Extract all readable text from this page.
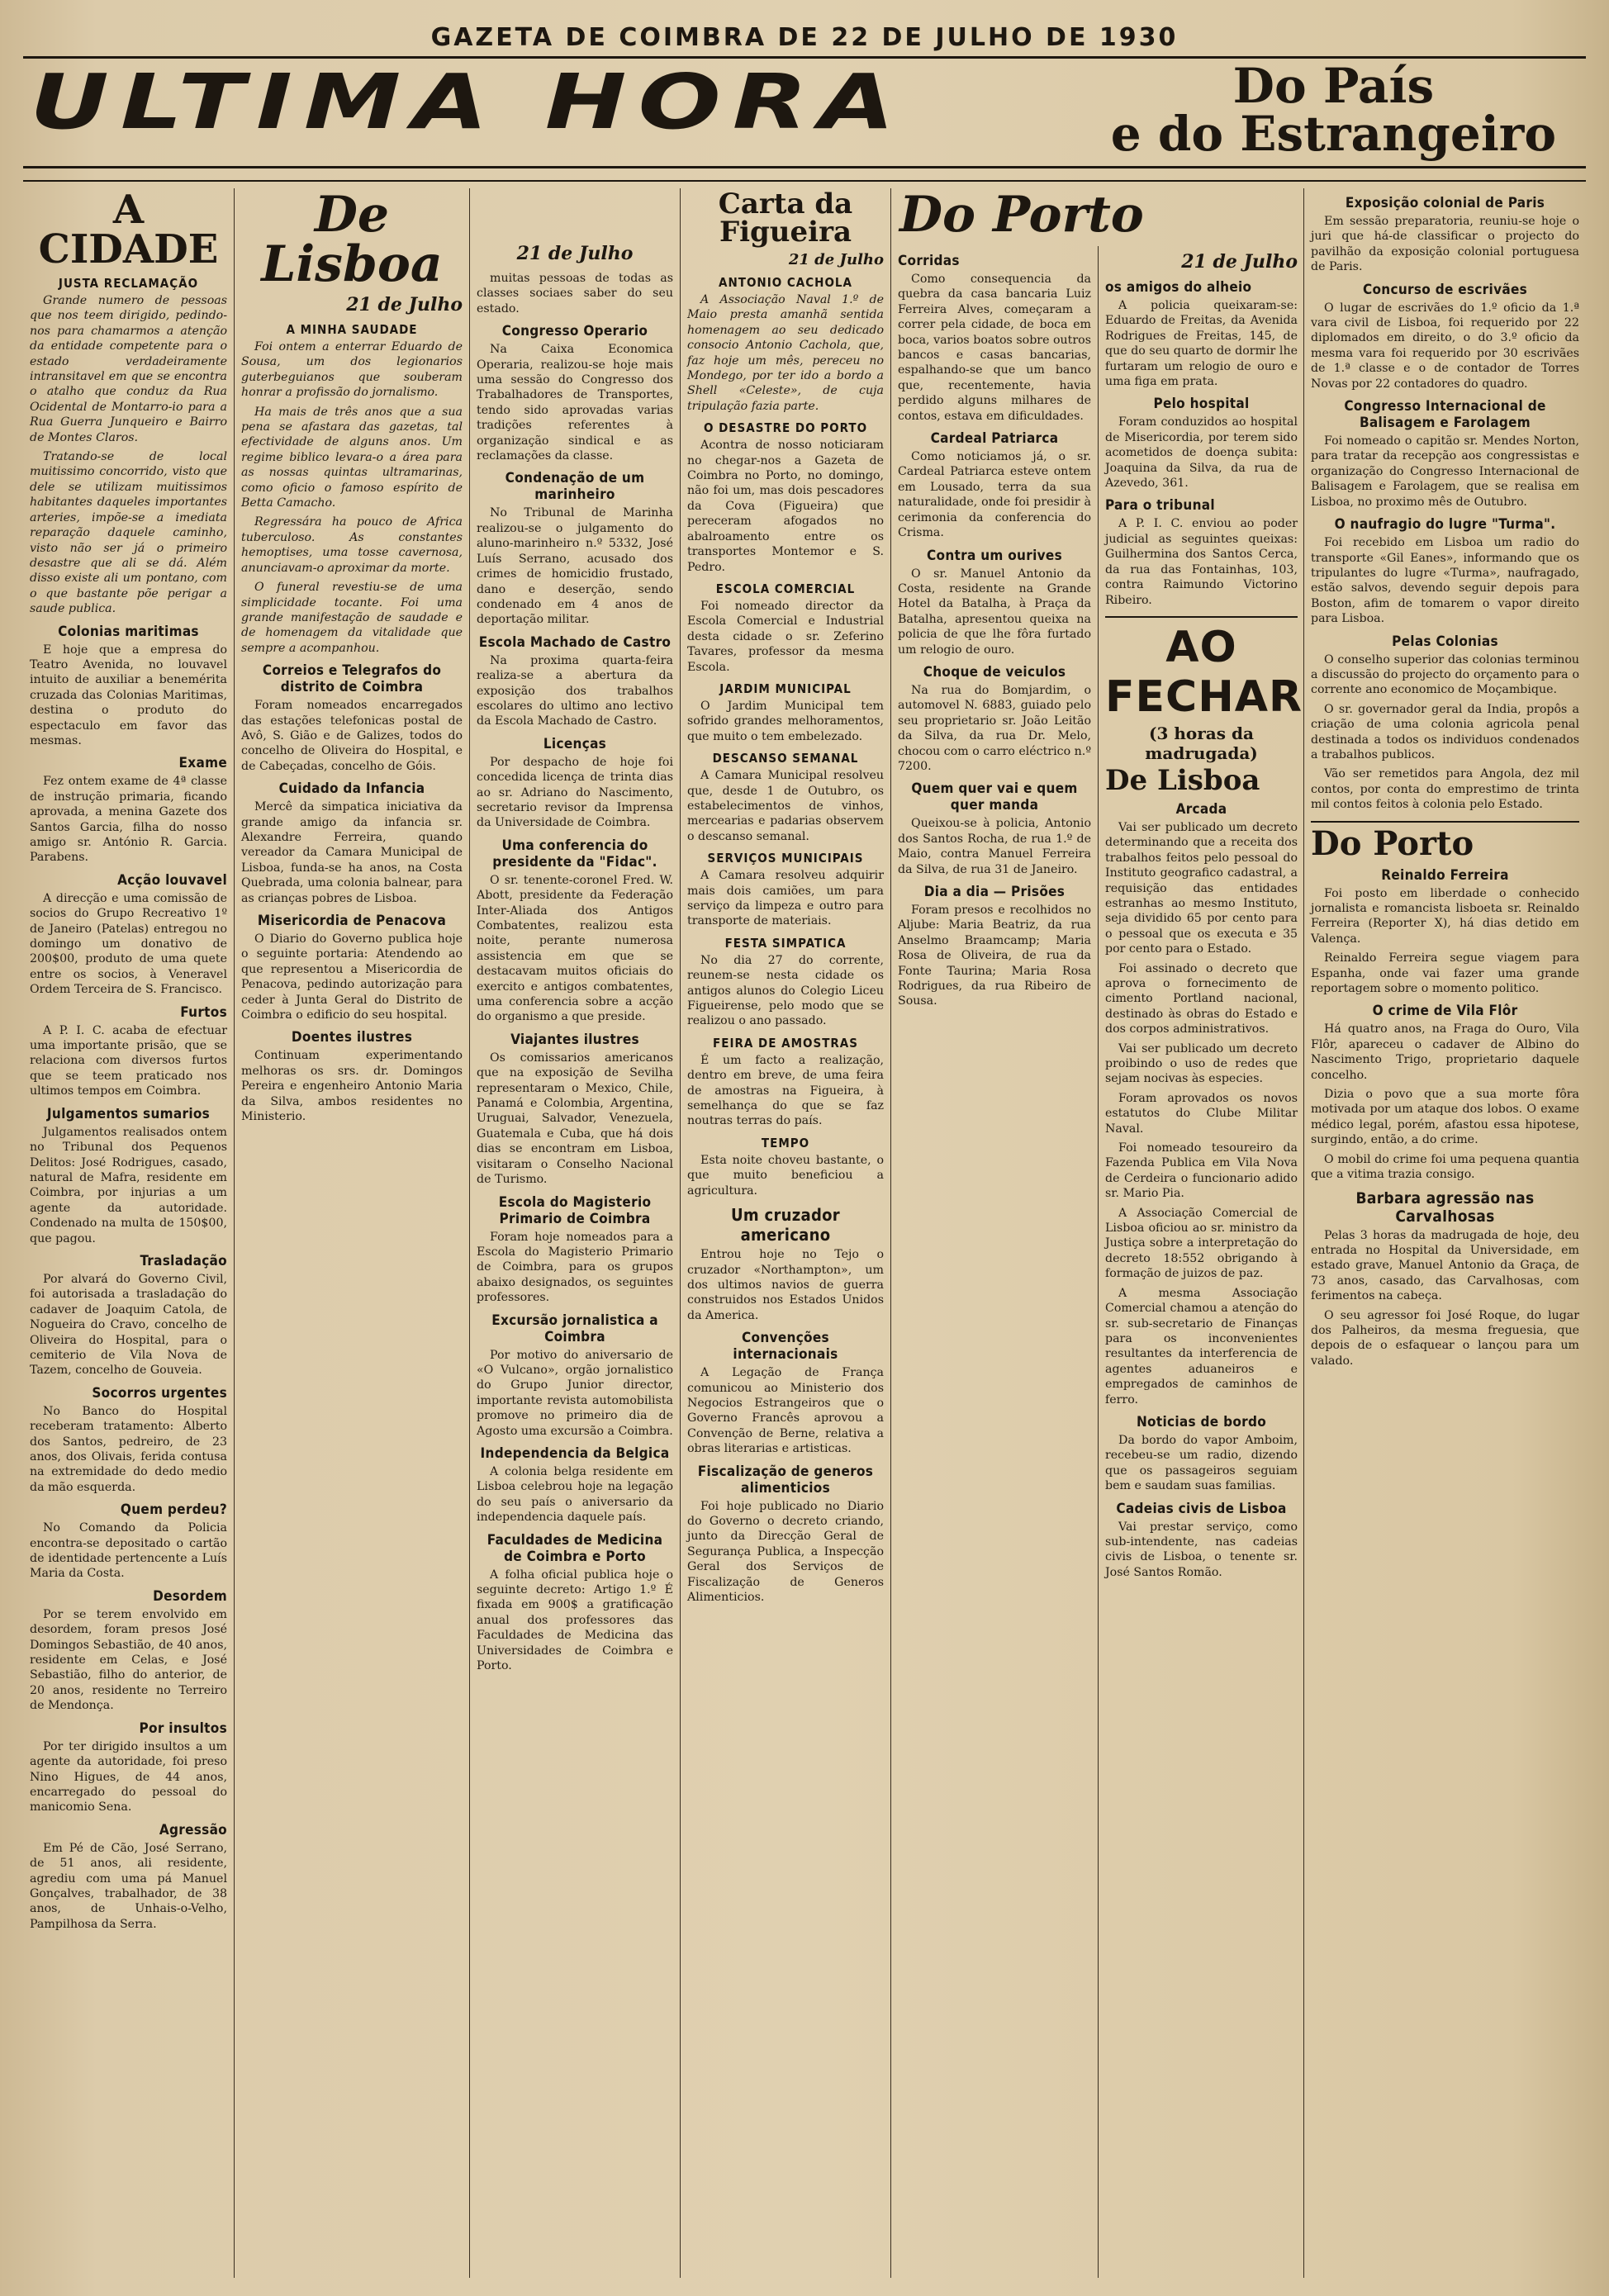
GAZETA DE COIMBRA DE 22 DE JULHO DE 1930
ULTIMA HORA	Do País
e do Estrangeiro
A CIDADE
JUSTA RECLAMAÇÃO

Grande numero de pessoas que nos teem dirigido, pedindo-nos para chamarmos a atenção da entidade competente para o estado verdadeiramente intransitavel em que se encontra o atalho que conduz da Rua Ocidental de Montarro-io para a Rua Guerra Junqueiro e Bairro de Montes Claros.

Tratando-se de local muitissimo concorrido, visto que dele se utilizam muitissimos habitantes daqueles importantes arteries, impõe-se a imediata reparação daquele caminho, visto não ser já o primeiro desastre que ali se dá. Além disso existe ali um pontano, com o que bastante põe perigar a saude publica.

Colonias maritimas

E hoje que a empresa do Teatro Avenida, no louvavel intuito de auxiliar a benemérita cruzada das Colonias Maritimas, destina o produto do espectaculo em favor das mesmas.

Exame

Fez ontem exame de 4ª classe de instrução primaria, ficando aprovada, a menina Gazete dos Santos Garcia, filha do nosso amigo sr. António R. Garcia. Parabens.

Acção louvavel

A direcção e uma comissão de socios do Grupo Recreativo 1º de Janeiro (Patelas) entregou no domingo um donativo de 200$00, produto de uma quete entre os socios, à Veneravel Ordem Terceira de S. Francisco.

Furtos

A P. I. C. acaba de efectuar uma importante prisão, que se relaciona com diversos furtos que se teem praticado nos ultimos tempos em Coimbra.

Julgamentos sumarios

Julgamentos realisados ontem no Tribunal dos Pequenos Delitos: José Rodrigues, casado, natural de Mafra, residente em Coimbra, por injurias a um agente da autoridade. Condenado na multa de 150$00, que pagou.

Trasladação

Por alvará do Governo Civil, foi autorisada a trasladação do cadaver de Joaquim Catola, de Nogueira do Cravo, concelho de Oliveira do Hospital, para o cemiterio de Vila Nova de Tazem, concelho de Gouveia.

Socorros urgentes

No Banco do Hospital receberam tratamento: Alberto dos Santos, pedreiro, de 23 anos, dos Olivais, ferida contusa na extremidade do dedo medio da mão esquerda.

Quem perdeu?

No Comando da Policia encontra-se depositado o cartão de identidade pertencente a Luís Maria da Costa.

Desordem

Por se terem envolvido em desordem, foram presos José Domingos Sebastião, de 40 anos, residente em Celas, e José Sebastião, filho do anterior, de 20 anos, residente no Terreiro de Mendonça.

Por insultos

Por ter dirigido insultos a um agente da autoridade, foi preso Nino Higues, de 44 anos, encarregado do pessoal do manicomio Sena.

Agressão

Em Pé de Cão, José Serrano, de 51 anos, ali residente, agrediu com uma pá Manuel Gonçalves, trabalhador, de 38 anos, de Unhais-o-Velho, Pampilhosa da Serra.

De Lisboa
21 de Julho
A MINHA SAUDADE

Foi ontem a enterrar Eduardo de Sousa, um dos legionarios guterbeguianos que souberam honrar a profissão do jornalismo.

Ha mais de três anos que a sua pena se afastara das gazetas, tal efectividade de alguns anos. Um regime biblico levara-o a área para as nossas quintas ultramarinas, como oficio o famoso espírito de Betta Camacho.

Regressára ha pouco de Africa tuberculoso. As constantes hemoptises, uma tosse cavernosa, anunciavam-o aproximar da morte.

O funeral revestiu-se de uma simplicidade tocante. Foi uma grande manifestação de saudade e de homenagem da vitalidade que sempre a acompanhou.

Correios e Telegrafos do distrito de Coimbra

Foram nomeados encarregados das estações telefonicas postal de Avô, S. Gião e de Galizes, todos do concelho de Oliveira do Hospital, e de Cabeçadas, concelho de Góis.

Cuidado da Infancia

Mercê da simpatica iniciativa da grande amigo da infancia sr. Alexandre Ferreira, quando vereador da Camara Municipal de Lisboa, funda-se ha anos, na Costa Quebrada, uma colonia balnear, para as crianças pobres de Lisboa.

Misericordia de Penacova

O Diario do Governo publica hoje o seguinte portaria: Atendendo ao que representou a Misericordia de Penacova, pedindo autorização para ceder à Junta Geral do Distrito de Coimbra o edificio do seu hospital.

Doentes ilustres

Continuam experimentando melhoras os srs. dr. Domingos Pereira e engenheiro Antonio Maria da Silva, ambos residentes no Ministerio.

21 de Julho

muitas pessoas de todas as classes sociaes saber do seu estado.

Congresso Operario

Na Caixa Economica Operaria, realizou-se hoje mais uma sessão do Congresso dos Trabalhadores de Transportes, tendo sido aprovadas varias tradições referentes à organização sindical e as reclamações da classe.

Condenação de um marinheiro

No Tribunal de Marinha realizou-se o julgamento do aluno-marinheiro n.º 5332, José Luís Serrano, acusado dos crimes de homicidio frustado, dano e deserção, sendo condenado em 4 anos de deportação militar.

Escola Machado de Castro

Na proxima quarta-feira realiza-se a abertura da exposição dos trabalhos escolares do ultimo ano lectivo da Escola Machado de Castro.

Licenças

Por despacho de hoje foi concedida licença de trinta dias ao sr. Adriano do Nascimento, secretario revisor da Imprensa da Universidade de Coimbra.

Uma conferencia do presidente da "Fidac".

O sr. tenente-coronel Fred. W. Abott, presidente da Federação Inter-Aliada dos Antigos Combatentes, realizou esta noite, perante numerosa assistencia em que se destacavam muitos oficiais do exercito e antigos combatentes, uma conferencia sobre a acção do organismo a que preside.

Viajantes ilustres

Os comissarios americanos que na exposição de Sevilha representaram o Mexico, Chile, Panamá e Colombia, Argentina, Uruguai, Salvador, Venezuela, Guatemala e Cuba, que há dois dias se encontram em Lisboa, visitaram o Conselho Nacional de Turismo.

Escola do Magisterio Primario de Coimbra

Foram hoje nomeados para a Escola do Magisterio Primario de Coimbra, para os grupos abaixo designados, os seguintes professores.

Excursão jornalistica a Coimbra

Por motivo do aniversario de «O Vulcano», orgão jornalistico do Grupo Junior director, importante revista automobilista promove no primeiro dia de Agosto uma excursão a Coimbra.

Independencia da Belgica

A colonia belga residente em Lisboa celebrou hoje na legação do seu país o aniversario da independencia daquele país.

Faculdades de Medicina de Coimbra e Porto

A folha oficial publica hoje o seguinte decreto: Artigo 1.º É fixada em 900$ a gratificação anual dos professores das Faculdades de Medicina das Universidades de Coimbra e Porto.

Carta da Figueira
21 de Julho
ANTONIO CACHOLA

A Associação Naval 1.º de Maio presta amanhã sentida homenagem ao seu dedicado consocio Antonio Cachola, que, faz hoje um mês, pereceu no Mondego, por ter ido a bordo a Shell «Celeste», de cuja tripulação fazia parte.

O DESASTRE DO PORTO

Acontra de nosso noticiaram no chegar-nos a Gazeta de Coimbra no Porto, no domingo, não foi um, mas dois pescadores da Cova (Figueira) que pereceram afogados no abalroamento entre os transportes Montemor e S. Pedro.

ESCOLA COMERCIAL

Foi nomeado director da Escola Comercial e Industrial desta cidade o sr. Zeferino Tavares, professor da mesma Escola.

JARDIM MUNICIPAL

O Jardim Municipal tem sofrido grandes melhoramentos, que muito o tem embelezado.

DESCANSO SEMANAL

A Camara Municipal resolveu que, desde 1 de Outubro, os estabelecimentos de vinhos, mercearias e padarias observem o descanso semanal.

SERVIÇOS MUNICIPAIS

A Camara resolveu adquirir mais dois camiões, um para serviço da limpeza e outro para transporte de materiais.

FESTA SIMPATICA

No dia 27 do corrente, reunem-se nesta cidade os antigos alunos do Colegio Liceu Figueirense, pelo modo que se realizou o ano passado.

FEIRA DE AMOSTRAS

É um facto a realização, dentro em breve, de uma feira de amostras na Figueira, à semelhança do que se faz noutras terras do país.

TEMPO

Esta noite choveu bastante, o que muito beneficiou a agricultura.

Um cruzador americano

Entrou hoje no Tejo o cruzador «Northampton», um dos ultimos navios de guerra construidos nos Estados Unidos da America.

Convenções internacionais

A Legação de França comunicou ao Ministerio dos Negocios Estrangeiros que o Governo Francês aprovou a Convenção de Berne, relativa a obras literarias e artisticas.

Fiscalização de generos alimenticios

Foi hoje publicado no Diario do Governo o decreto criando, junto da Direcção Geral de Segurança Publica, a Inspecção Geral dos Serviços de Fiscalização de Generos Alimenticios.

Do Porto
Corridas

Como consequencia da quebra da casa bancaria Luiz Ferreira Alves, começaram a correr pela cidade, de boca em boca, varios boatos sobre outros bancos e casas bancarias, espalhando-se que um banco que, recentemente, havia perdido alguns milhares de contos, estava em dificuldades.

Cardeal Patriarca

Como noticiamos já, o sr. Cardeal Patriarca esteve ontem em Lousado, terra da sua naturalidade, onde foi presidir à cerimonia da conferencia do Crisma.

Contra um ourives

O sr. Manuel Antonio da Costa, residente na Grande Hotel da Batalha, à Praça da Batalha, apresentou queixa na policia de que lhe fôra furtado um relogio de ouro.

Choque de veiculos

Na rua do Bomjardim, o automovel N. 6883, guiado pelo seu proprietario sr. João Leitão da Silva, da rua Dr. Melo, chocou com o carro eléctrico n.º 7200.

Quem quer vai e quem quer manda

Queixou-se à policia, Antonio dos Santos Rocha, de rua 1.º de Maio, contra Manuel Ferreira da Silva, de rua 31 de Janeiro.

Dia a dia — Prisões

Foram presos e recolhidos no Aljube: Maria Beatriz, da rua Anselmo Braamcamp; Maria Rosa de Oliveira, de rua da Fonte Taurina; Maria Rosa Rodrigues, da rua Ribeiro de Sousa.

21 de Julho
os amigos do alheio

A policia queixaram-se: Eduardo de Freitas, da Avenida Rodrigues de Freitas, 145, de que do seu quarto de dormir lhe furtaram um relogio de ouro e uma figa em prata.

Pelo hospital

Foram conduzidos ao hospital de Misericordia, por terem sido acometidos de doença subita: Joaquina da Silva, da rua de Azevedo, 361.

Para o tribunal

A P. I. C. enviou ao poder judicial as seguintes queixas: Guilhermina dos Santos Cerca, da rua das Fontainhas, 103, contra Raimundo Victorino Ribeiro.

AO FECHAR
(3 horas da madrugada)
De Lisboa
Arcada

Vai ser publicado um decreto determinando que a receita dos trabalhos feitos pelo pessoal do Instituto geografico cadastral, a requisição das entidades estranhas ao mesmo Instituto, seja dividido 65 por cento para o pessoal que os executa e 35 por cento para o Estado.

Foi assinado o decreto que aprova o fornecimento de cimento Portland nacional, destinado às obras do Estado e dos corpos administrativos.

Vai ser publicado um decreto proibindo o uso de redes que sejam nocivas às especies.

Foram aprovados os novos estatutos do Clube Militar Naval.

Foi nomeado tesoureiro da Fazenda Publica em Vila Nova de Cerdeira o funcionario adido sr. Mario Pia.

A Associação Comercial de Lisboa oficiou ao sr. ministro da Justiça sobre a interpretação do decreto 18:552 obrigando à formação de juizos de paz.

A mesma Associação Comercial chamou a atenção do sr. sub-secretario de Finanças para os inconvenientes resultantes da interferencia de agentes aduaneiros e empregados de caminhos de ferro.

Noticias de bordo

Da bordo do vapor Amboim, recebeu-se um radio, dizendo que os passageiros seguiam bem e saudam suas familias.

Cadeias civis de Lisboa

Vai prestar serviço, como sub-intendente, nas cadeias civis de Lisboa, o tenente sr. José Santos Romão.

Exposição colonial de Paris

Em sessão preparatoria, reuniu-se hoje o juri que há-de classificar o projecto do pavilhão da exposição colonial portuguesa de Paris.

Concurso de escrivães

O lugar de escrivães do 1.º oficio da 1.ª vara civil de Lisboa, foi requerido por 22 diplomados em direito, o do 3.º oficio da mesma vara foi requerido por 30 escrivães de 1.ª classe e o de contador de Torres Novas por 22 contadores do quadro.

Congresso Internacional de Balisagem e Farolagem

Foi nomeado o capitão sr. Mendes Norton, para tratar da recepção aos congressistas e organização do Congresso Internacional de Balisagem e Farolagem, que se realisa em Lisboa, no proximo mês de Outubro.

O naufragio do lugre "Turma".

Foi recebido em Lisboa um radio do transporte «Gil Eanes», informando que os tripulantes do lugre «Turma», naufragado, estão salvos, devendo seguir depois para Boston, afim de tomarem o vapor direito para Lisboa.

Pelas Colonias

O conselho superior das colonias terminou a discussão do projecto do orçamento para o corrente ano economico de Moçambique.

O sr. governador geral da India, propôs a criação de uma colonia agricola penal destinada a todos os individuos condenados a trabalhos publicos.

Vão ser remetidos para Angola, dez mil contos, por conta do emprestimo de trinta mil contos feitos à colonia pelo Estado.

Do Porto
Reinaldo Ferreira

Foi posto em liberdade o conhecido jornalista e romancista lisboeta sr. Reinaldo Ferreira (Reporter X), há dias detido em Valença.

Reinaldo Ferreira segue viagem para Espanha, onde vai fazer uma grande reportagem sobre o momento politico.

O crime de Vila Flôr

Há quatro anos, na Fraga do Ouro, Vila Flôr, apareceu o cadaver de Albino do Nascimento Trigo, proprietario daquele concelho.

Dizia o povo que a sua morte fôra motivada por um ataque dos lobos. O exame médico legal, porém, afastou essa hipotese, surgindo, então, a do crime.

O mobil do crime foi uma pequena quantia que a vitima trazia consigo.

Barbara agressão nas Carvalhosas

Pelas 3 horas da madrugada de hoje, deu entrada no Hospital da Universidade, em estado grave, Manuel Antonio da Graça, de 73 anos, casado, das Carvalhosas, com ferimentos na cabeça.

O seu agressor foi José Roque, do lugar dos Palheiros, da mesma freguesia, que depois de o esfaquear o lançou para um valado.
